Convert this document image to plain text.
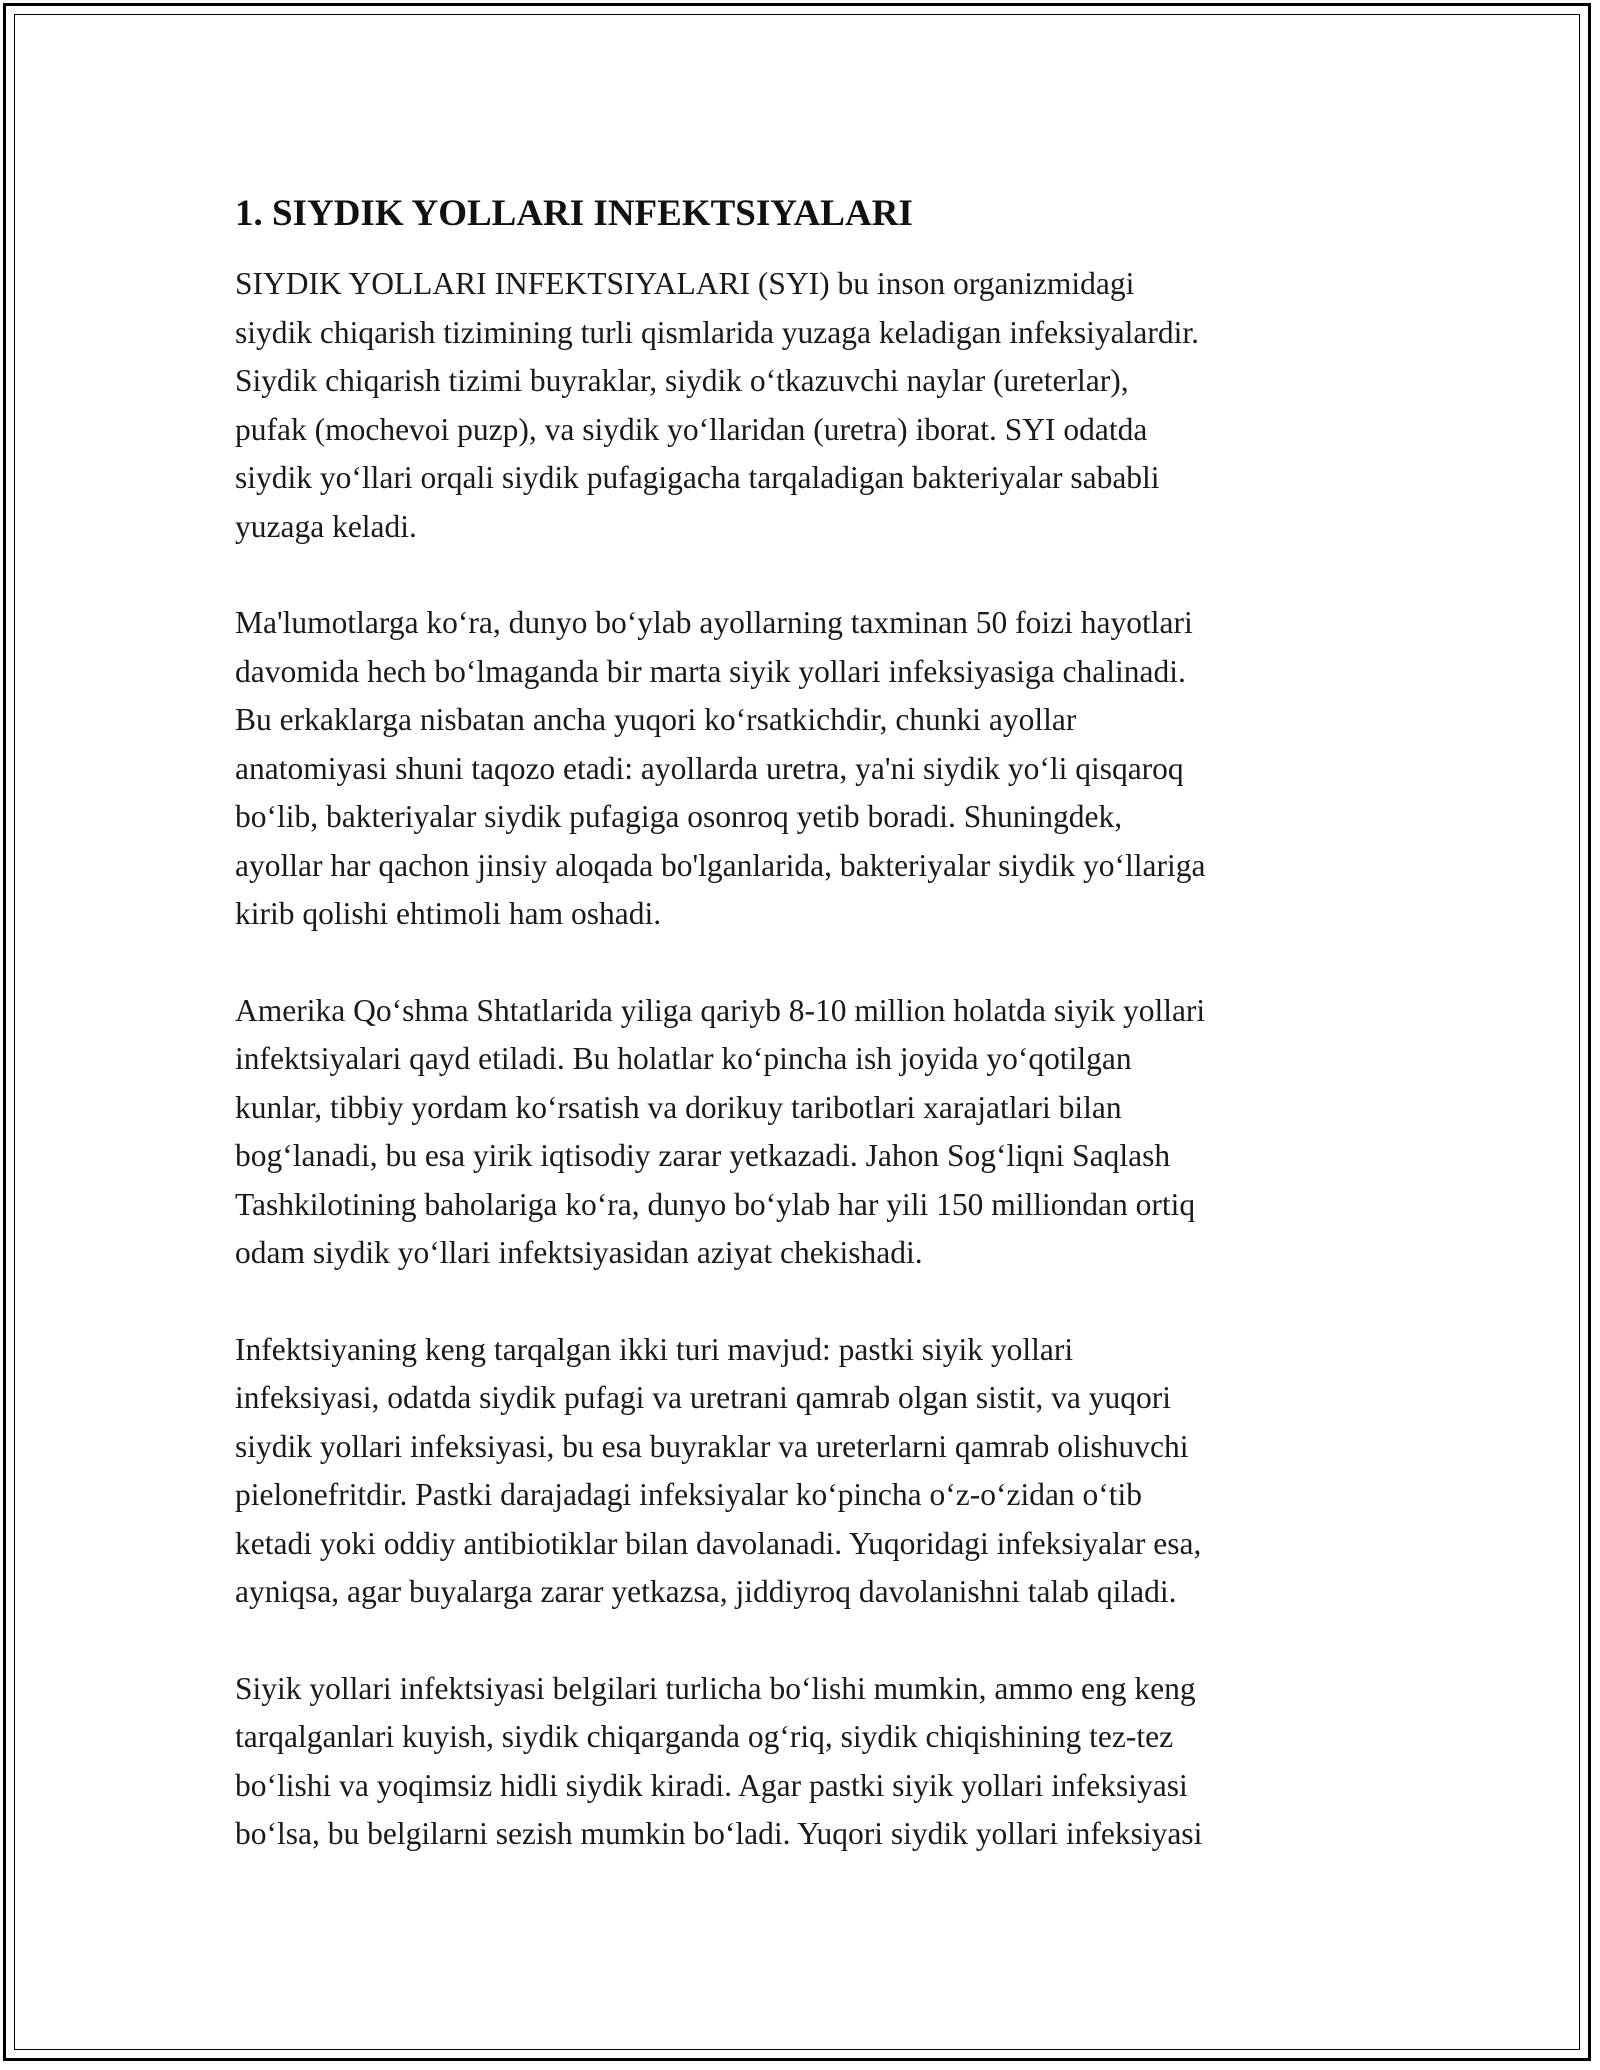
1. SIYDIK YOLLARI INFEKTSIYALARI
SIYDIK YOLLARI INFEKTSIYALARI (SYI) bu inson organizmidagi
siydik chiqarish tizimining turli qismlarida yuzaga keladigan infeksiyalardir.
Siydik chiqarish tizimi buyraklar, siydik o‘tkazuvchi naylar (ureterlar),
pufak (mochevoi puzp), va siydik yo‘llaridan (uretra) iborat. SYI odatda
siydik yo‘llari orqali siydik pufagigacha tarqaladigan bakteriyalar sababli
yuzaga keladi.
Ma'lumotlarga ko‘ra, dunyo bo‘ylab ayollarning taxminan 50 foizi hayotlari
davomida hech bo‘lmaganda bir marta siyik yollari infeksiyasiga chalinadi.
Bu erkaklarga nisbatan ancha yuqori ko‘rsatkichdir, chunki ayollar
anatomiyasi shuni taqozo etadi: ayollarda uretra, ya'ni siydik yo‘li qisqaroq
bo‘lib, bakteriyalar siydik pufagiga osonroq yetib boradi. Shuningdek,
ayollar har qachon jinsiy aloqada bo'lganlarida, bakteriyalar siydik yo‘llariga
kirib qolishi ehtimoli ham oshadi.
Amerika Qo‘shma Shtatlarida yiliga qariyb 8-10 million holatda siyik yollari
infektsiyalari qayd etiladi. Bu holatlar ko‘pincha ish joyida yo‘qotilgan
kunlar, tibbiy yordam ko‘rsatish va dorikuy taribotlari xarajatlari bilan
bog‘lanadi, bu esa yirik iqtisodiy zarar yetkazadi. Jahon Sog‘liqni Saqlash
Tashkilotining baholariga ko‘ra, dunyo bo‘ylab har yili 150 milliondan ortiq
odam siydik yo‘llari infektsiyasidan aziyat chekishadi.
Infektsiyaning keng tarqalgan ikki turi mavjud: pastki siyik yollari
infeksiyasi, odatda siydik pufagi va uretrani qamrab olgan sistit, va yuqori
siydik yollari infeksiyasi, bu esa buyraklar va ureterlarni qamrab olishuvchi
pielonefritdir. Pastki darajadagi infeksiyalar ko‘pincha o‘z-o‘zidan o‘tib
ketadi yoki oddiy antibiotiklar bilan davolanadi. Yuqoridagi infeksiyalar esa,
ayniqsa, agar buyalarga zarar yetkazsa, jiddiyroq davolanishni talab qiladi.
Siyik yollari infektsiyasi belgilari turlicha bo‘lishi mumkin, ammo eng keng
tarqalganlari kuyish, siydik chiqarganda og‘riq, siydik chiqishining tez-tez
bo‘lishi va yoqimsiz hidli siydik kiradi. Agar pastki siyik yollari infeksiyasi
bo‘lsa, bu belgilarni sezish mumkin bo‘ladi. Yuqori siydik yollari infeksiyasi
